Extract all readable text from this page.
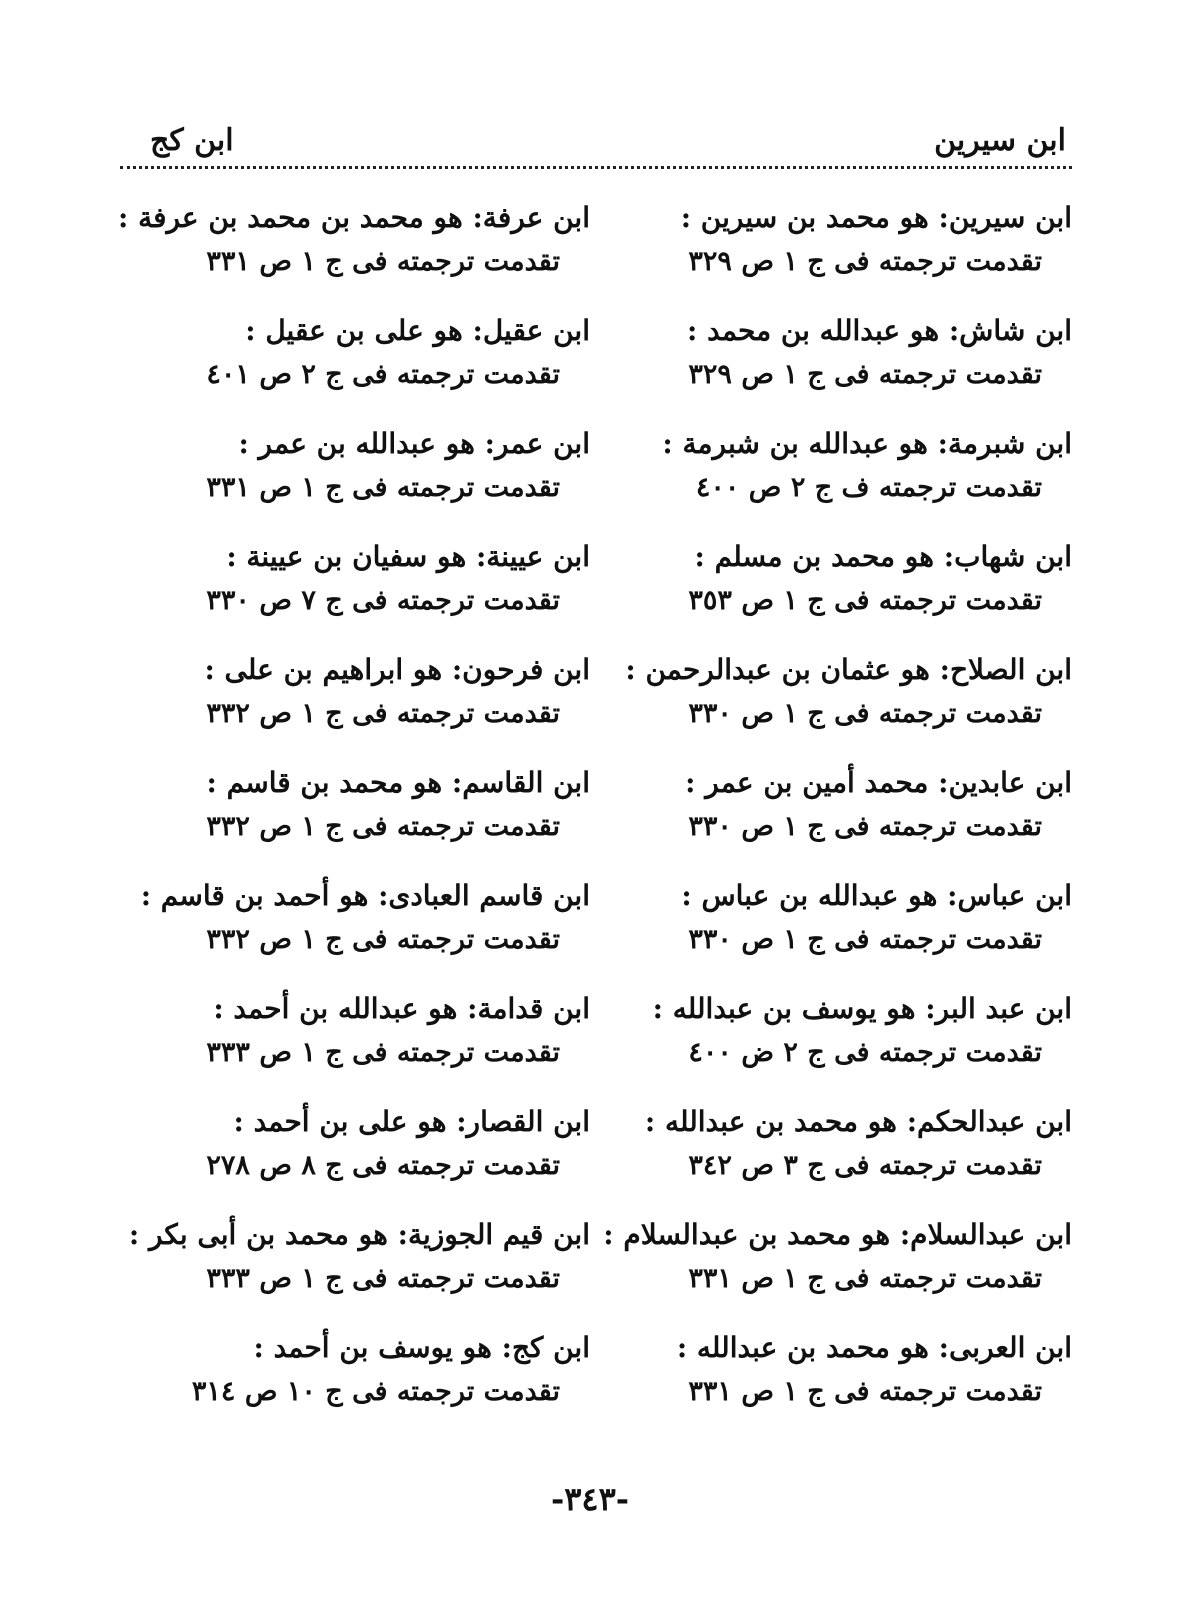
ابن سيرين
ابن كج
ابن سيرين: هو محمد بن سيرين :
تقدمت ترجمته فى ج ١ ص ٣٢٩
ابن شاش: هو عبدالله بن محمد :
تقدمت ترجمته فى ج ١ ص ٣٢٩
ابن شبرمة: هو عبدالله بن شبرمة :
تقدمت ترجمته ف ج ٢ ص ٤٠٠
ابن شهاب: هو محمد بن مسلم :
تقدمت ترجمته فى ج ١ ص ٣٥٣
ابن الصلاح: هو عثمان بن عبدالرحمن :
تقدمت ترجمته فى ج ١ ص ٣٣٠
ابن عابدين: محمد أمين بن عمر :
تقدمت ترجمته فى ج ١ ص ٣٣٠
ابن عباس: هو عبدالله بن عباس :
تقدمت ترجمته فى ج ١ ص ٣٣٠
ابن عبد البر: هو يوسف بن عبدالله :
تقدمت ترجمته فى ج ٢ ض ٤٠٠
ابن عبدالحكم: هو محمد بن عبدالله :
تقدمت ترجمته فى ج ٣ ص ٣٤٢
ابن عبدالسلام: هو محمد بن عبدالسلام :
تقدمت ترجمته فى ج ١ ص ٣٣١
ابن العربى: هو محمد بن عبدالله :
تقدمت ترجمته فى ج ١ ص ٣٣١
ابن عرفة: هو محمد بن محمد بن عرفة :
تقدمت ترجمته فى ج ١ ص ٣٣١
ابن عقيل: هو على بن عقيل :
تقدمت ترجمته فى ج ٢ ص ٤٠١
ابن عمر: هو عبدالله بن عمر :
تقدمت ترجمته فى ج ١ ص ٣٣١
ابن عيينة: هو سفيان بن عيينة :
تقدمت ترجمته فى ج ٧ ص ٣٣٠
ابن فرحون: هو ابراهيم بن على :
تقدمت ترجمته فى ج ١ ص ٣٣٢
ابن القاسم: هو محمد بن قاسم :
تقدمت ترجمته فى ج ١ ص ٣٣٢
ابن قاسم العبادى: هو أحمد بن قاسم :
تقدمت ترجمته فى ج ١ ص ٣٣٢
ابن قدامة: هو عبدالله بن أحمد :
تقدمت ترجمته فى ج ١ ص ٣٣٣
ابن القصار: هو على بن أحمد :
تقدمت ترجمته فى ج ٨ ص ٢٧٨
ابن قيم الجوزية: هو محمد بن أبى بكر :
تقدمت ترجمته فى ج ١ ص ٣٣٣
ابن كج: هو يوسف بن أحمد :
تقدمت ترجمته فى ج ١٠ ص ٣١٤
-٣٤٣-
